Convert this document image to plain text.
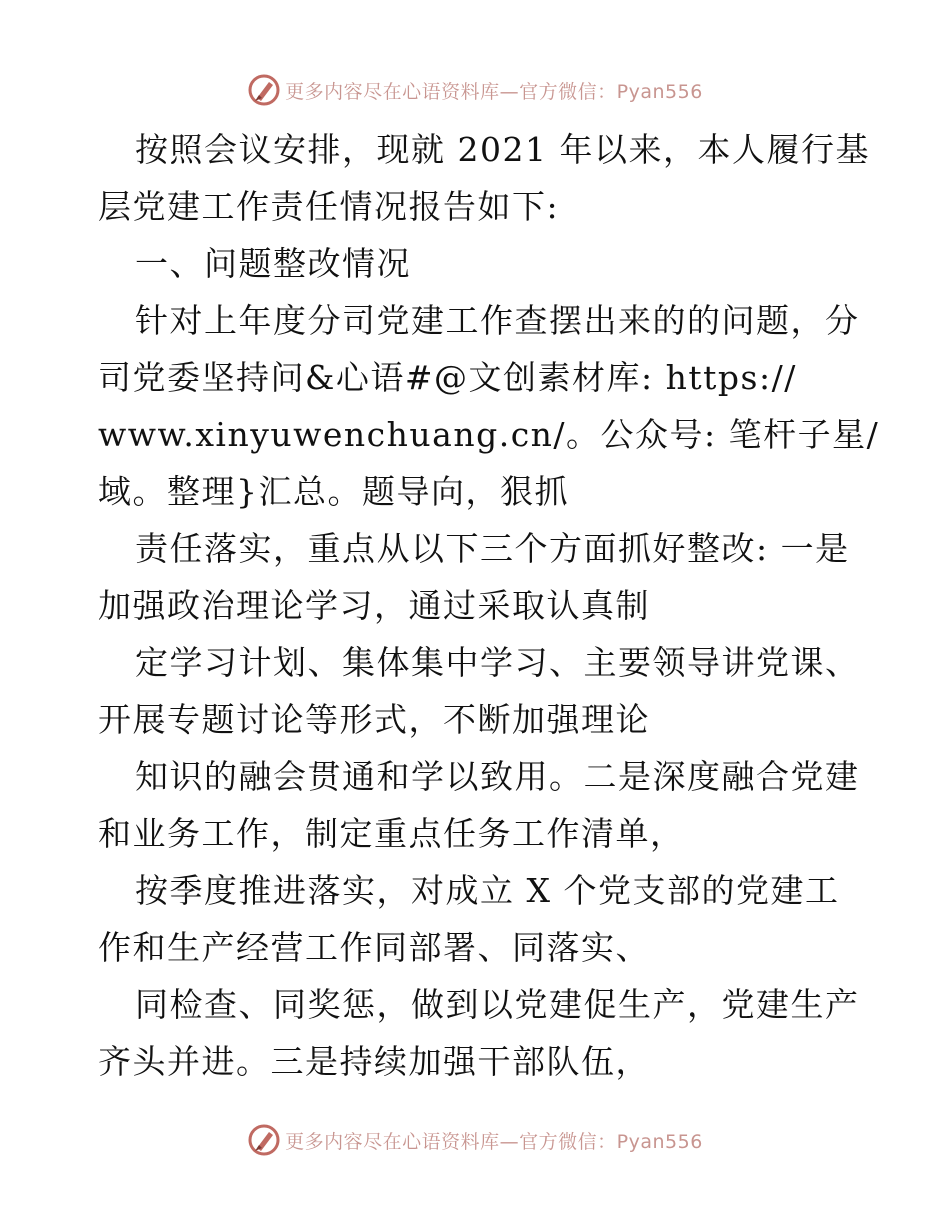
更多内容尽在心语资料库—官方微信：Pyan556
按照会议安排，现就 2021 年以来，本人履行基
层党建工作责任情况报告如下:
一、问题整改情况
针对上年度分司党建工作查摆出来的的问题，分
司党委坚持问&心语#@文创素材库: https://
www.xinyuwenchuang.cn/。公众号: 笔杆子星/
域。整理}汇总。题导向，狠抓
责任落实，重点从以下三个方面抓好整改: 一是
加强政治理论学习，通过采取认真制
定学习计划、集体集中学习、主要领导讲党课、
开展专题讨论等形式，不断加强理论
知识的融会贯通和学以致用。二是深度融合党建
和业务工作，制定重点任务工作清单，
按季度推进落实，对成立 X 个党支部的党建工
作和生产经营工作同部署、同落实、
同检查、同奖惩，做到以党建促生产，党建生产
齐头并进。三是持续加强干部队伍，
更多内容尽在心语资料库—官方微信：Pyan556
